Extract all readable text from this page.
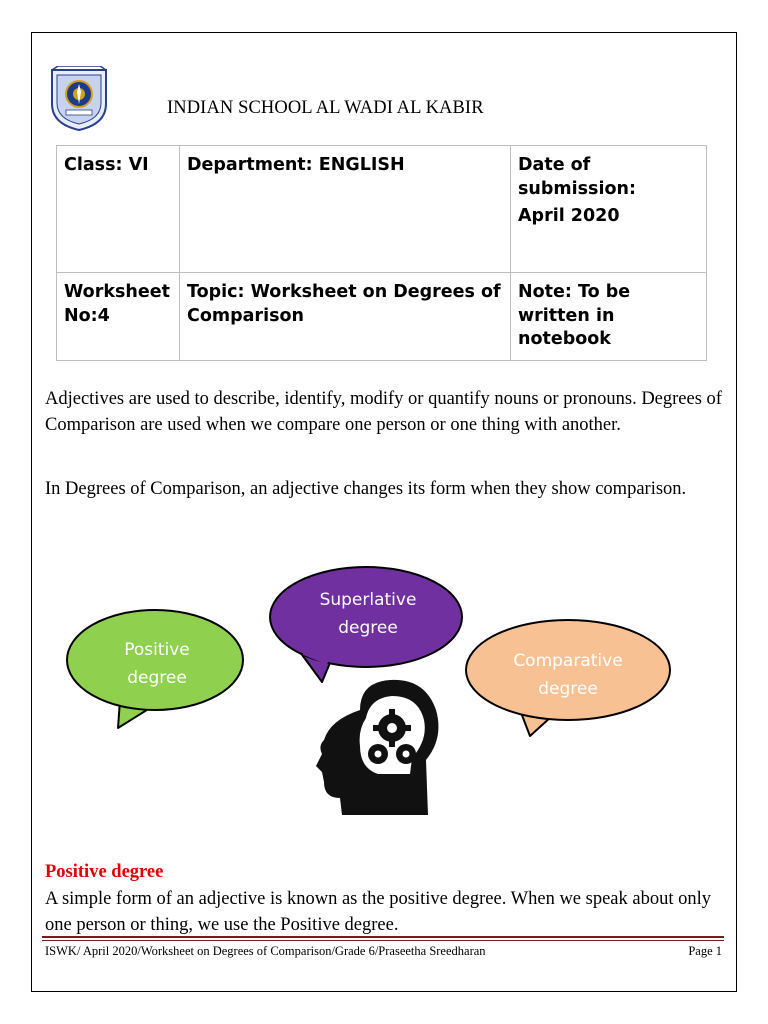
INDIAN SCHOOL AL WADI AL KABIR
Class: VI	Department: ENGLISH	Date of
submission:
April 2020

Worksheet No:4	Topic: Worksheet on Degrees of Comparison	Note: To be written in notebook
Adjectives are used to describe, identify, modify or quantify nouns or pronouns. Degrees of Comparison are used when we compare one person or one thing with another.
In Degrees of Comparison, an adjective changes its form when they show comparison.
Positive
degree
Superlative
degree
Comparative
degree
Positive degree
A simple form of an adjective is known as the positive degree. When we speak about only one person or thing, we use the Positive degree.
ISWK/ April 2020/Worksheet on Degrees of Comparison/Grade 6/Praseetha Sreedharan	Page 1
